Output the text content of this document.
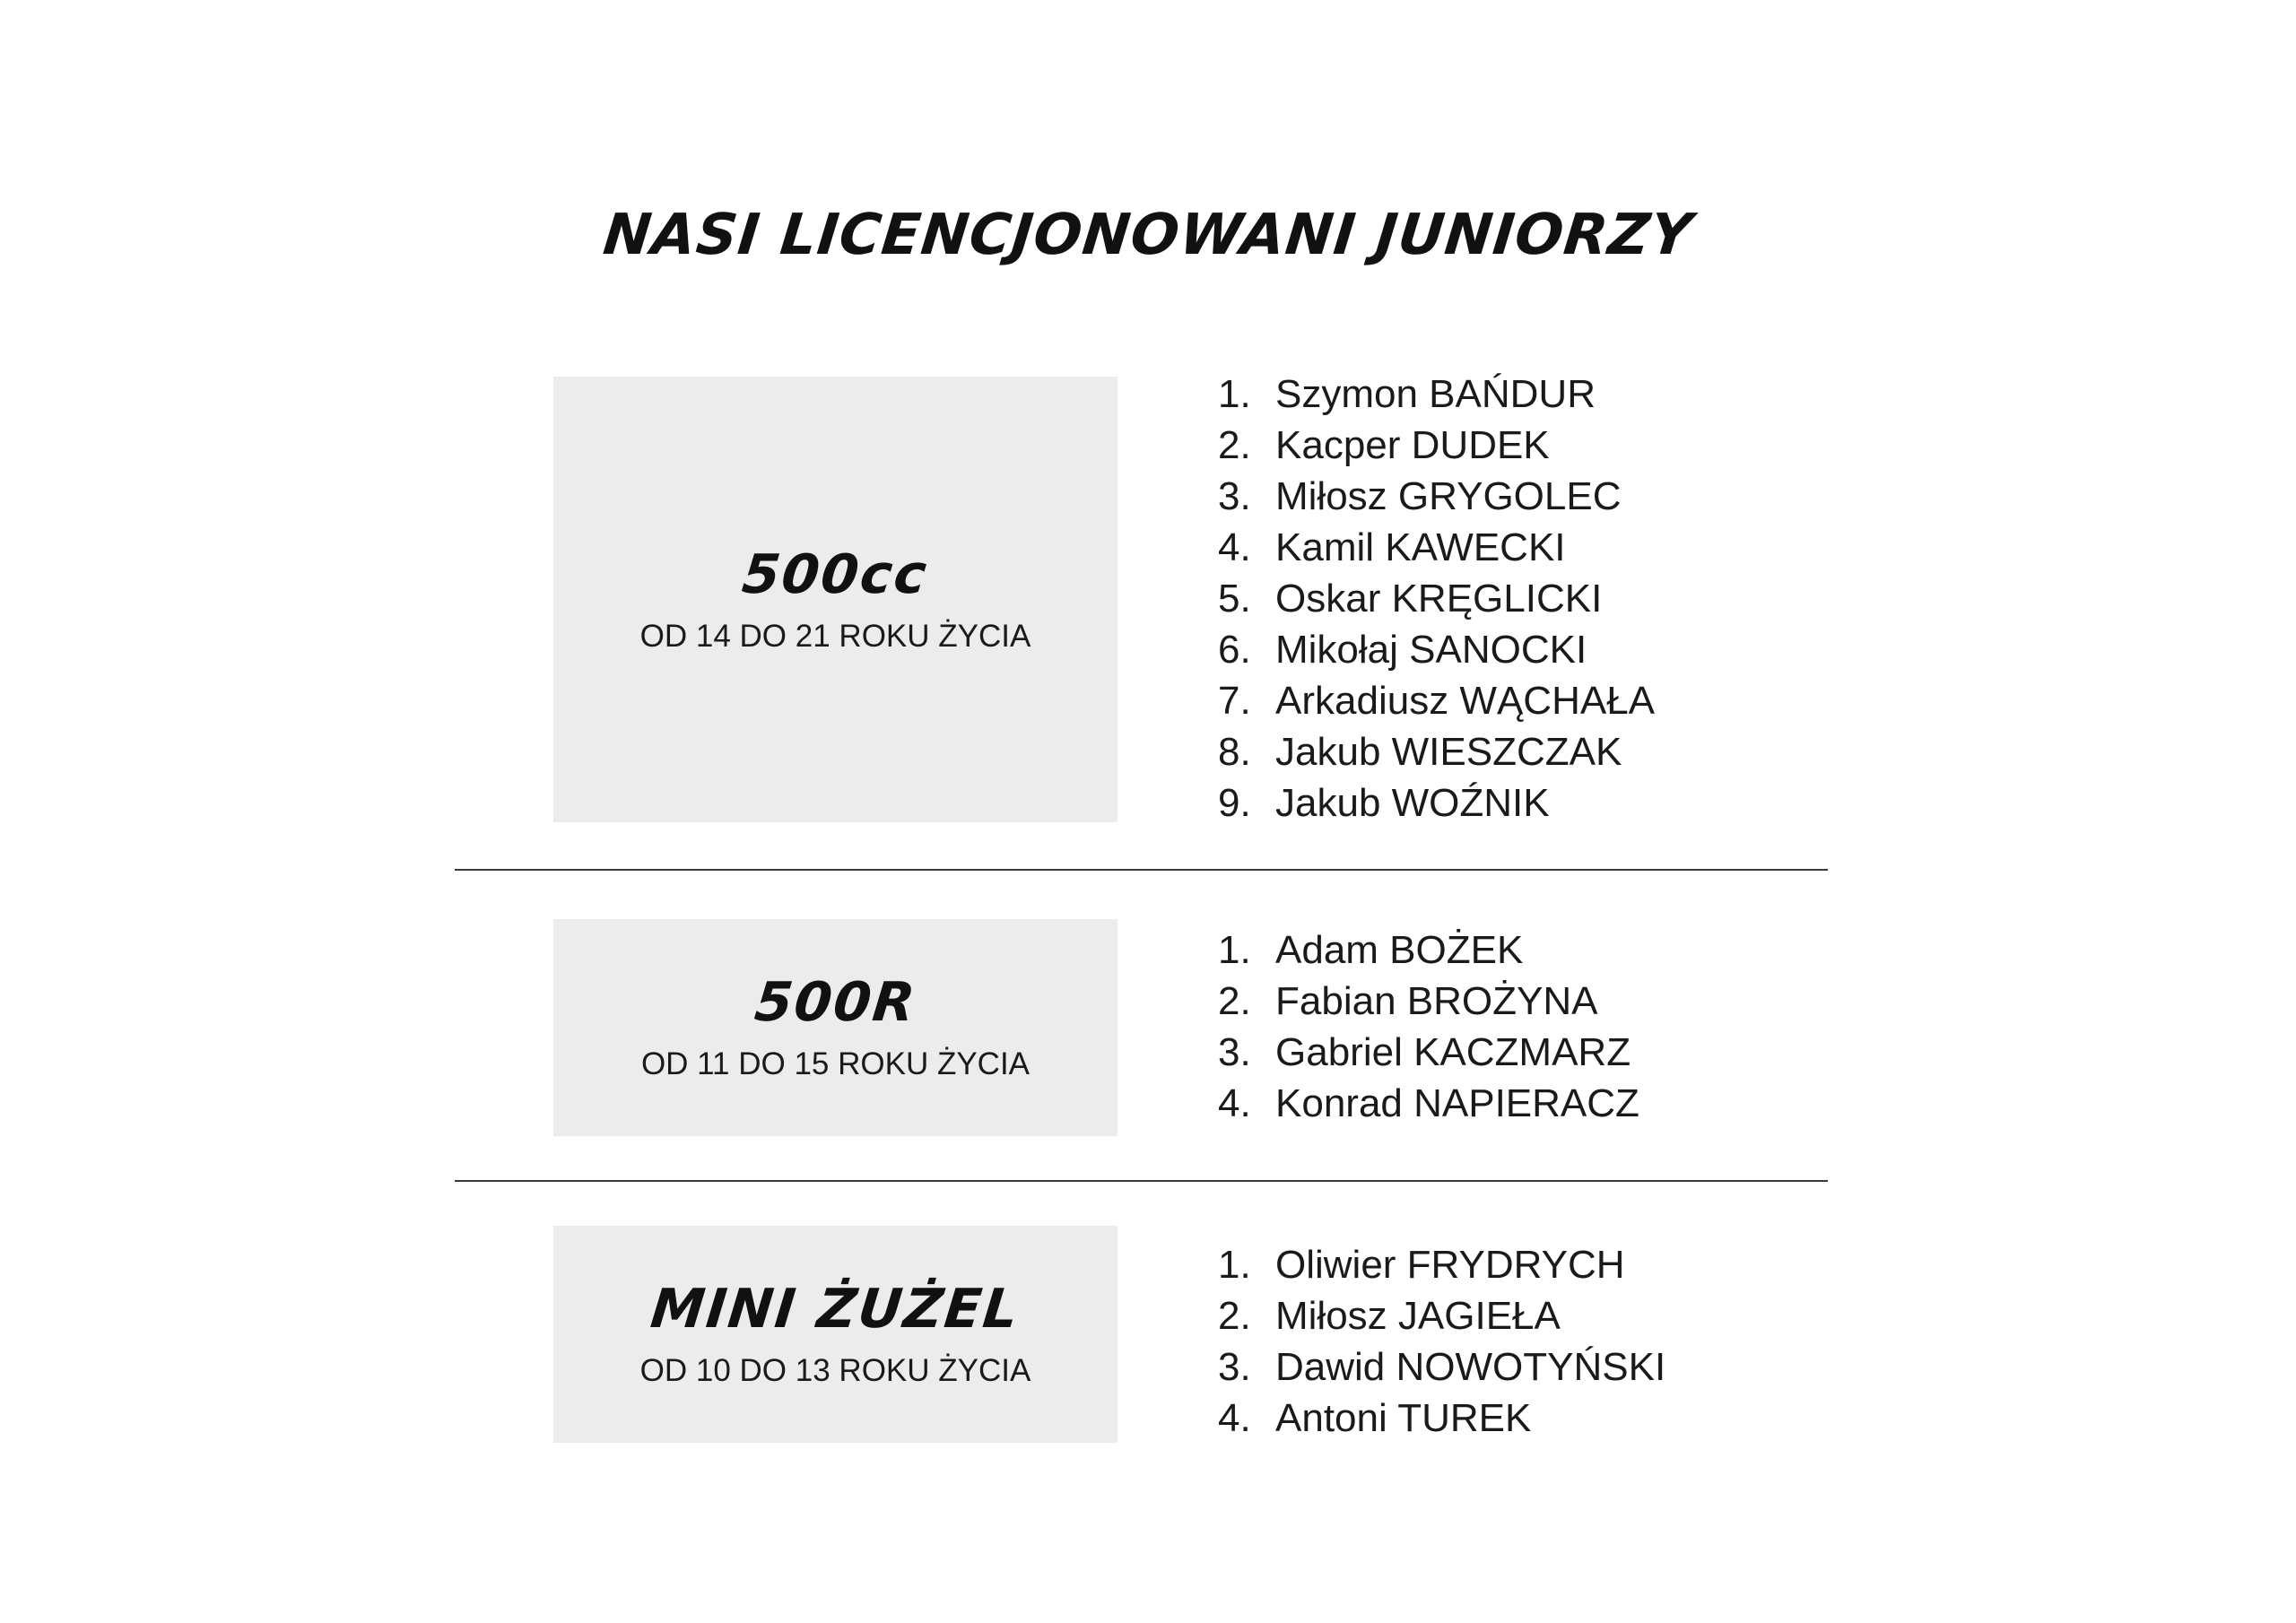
NASI LICENCJONOWANI JUNIORZY
500cc
OD 14 DO 21 ROKU ŻYCIA
1. Szymon BAŃDUR
2. Kacper DUDEK
3. Miłosz GRYGOLEC
4. Kamil KAWECKI
5. Oskar KRĘGLICKI
6. Mikołaj SANOCKI
7. Arkadiusz WĄCHAŁA
8. Jakub WIESZCZAK
9. Jakub WOŹNIK
500R
OD 11 DO 15 ROKU ŻYCIA
1. Adam BOŻEK
2. Fabian BROŻYNA
3. Gabriel KACZMARZ
4. Konrad NAPIERACZ
MINI ŻUŻEL
OD 10 DO 13 ROKU ŻYCIA
1. Oliwier FRYDRYCH
2. Miłosz JAGIEŁA
3. Dawid NOWOTYŃSKI
4. Antoni TUREK
